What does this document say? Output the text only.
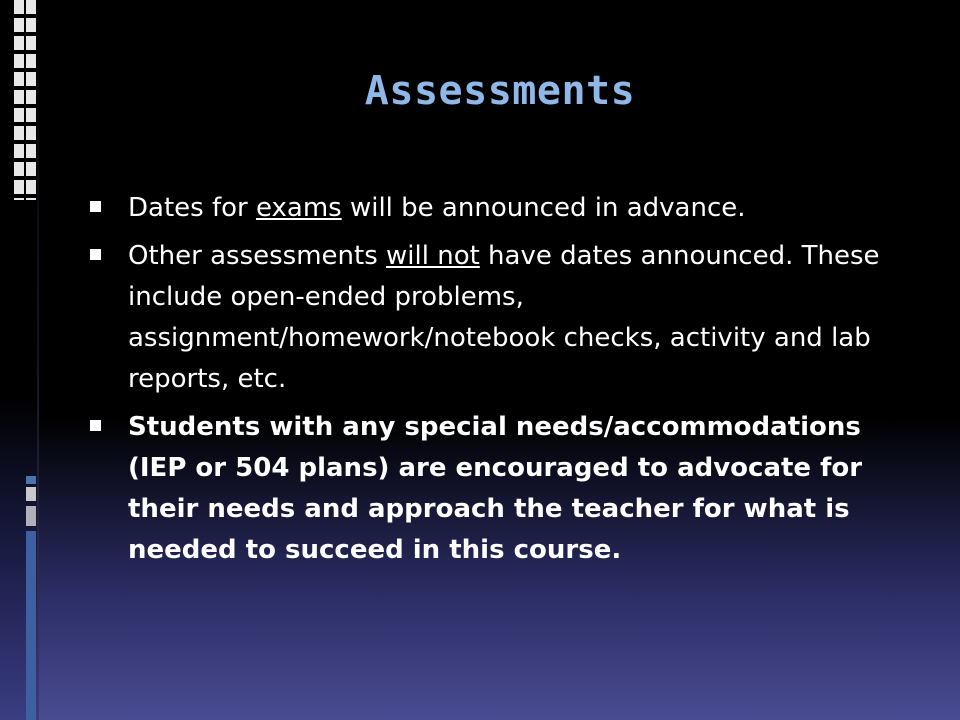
Assessments
Dates for exams will be announced in advance.
Other assessments will not have dates announced. These include open-ended problems, assignment/homework/notebook checks, activity and lab reports, etc.
Students with any special needs/accommodations (IEP or 504 plans) are encouraged to advocate for their needs and approach the teacher for what is needed to succeed in this course.
